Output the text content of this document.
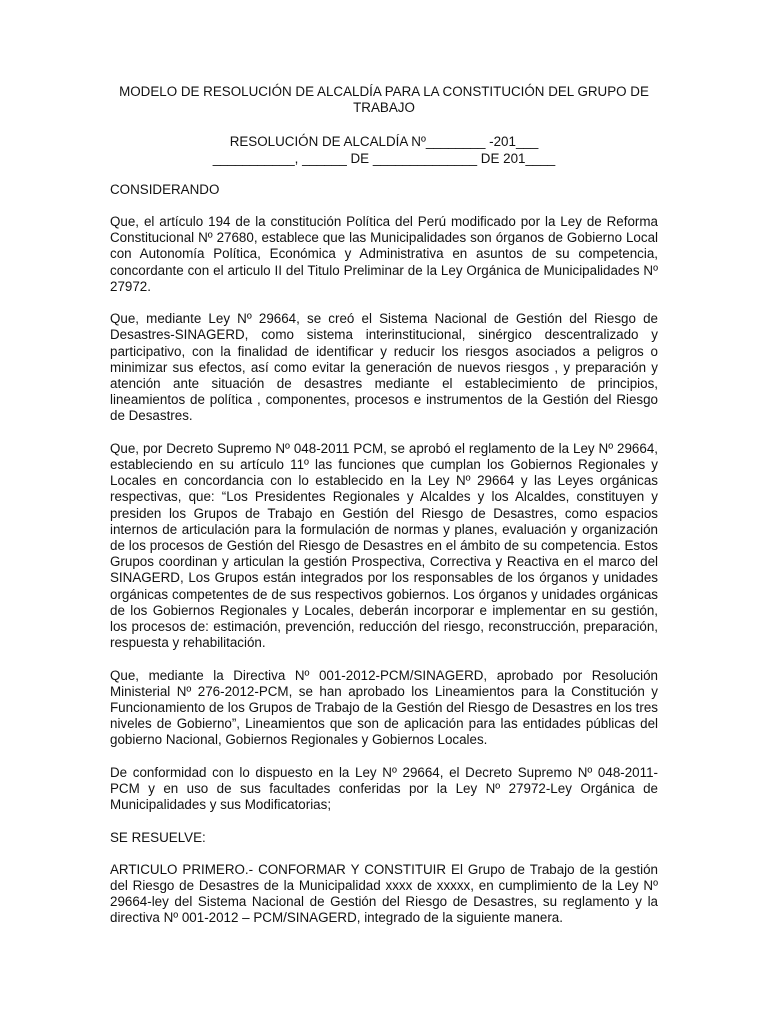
MODELO DE RESOLUCIÓN DE ALCALDÍA PARA LA CONSTITUCIÓN DEL GRUPO DE TRABAJO
RESOLUCIÓN DE ALCALDÍA Nº________ -201___
___________, ______ DE ______________ DE 201____
CONSIDERANDO

Que, el artículo 194 de la constitución Política del Perú modificado por la Ley de Reforma Constitucional Nº 27680, establece que las Municipalidades son órganos de Gobierno Local con Autonomía Política, Económica y Administrativa en asuntos de su competencia, concordante con el articulo II del Titulo Preliminar de la Ley Orgánica de Municipalidades Nº 27972.

Que, mediante Ley Nº 29664, se creó el Sistema Nacional de Gestión del Riesgo de Desastres-SINAGERD, como sistema interinstitucional, sinérgico descentralizado y participativo, con la finalidad de identificar y reducir los riesgos asociados a peligros o minimizar sus efectos, así como evitar la generación de nuevos riesgos , y preparación y atención ante situación de desastres mediante el establecimiento de principios, lineamientos de política , componentes, procesos e instrumentos de la Gestión del Riesgo de Desastres.

Que, por Decreto Supremo Nº 048-2011 PCM, se aprobó el reglamento de la Ley Nº 29664, estableciendo en su artículo 11º las funciones que cumplan los Gobiernos Regionales y Locales en concordancia con lo establecido en la Ley Nº 29664 y las Leyes orgánicas respectivas, que: “Los Presidentes Regionales y Alcaldes y los Alcaldes, constituyen y presiden los Grupos de Trabajo en Gestión del Riesgo de Desastres, como espacios internos de articulación para la formulación de normas y planes, evaluación y organización de los procesos de Gestión del Riesgo de Desastres en el ámbito de su competencia. Estos Grupos coordinan y articulan la gestión Prospectiva, Correctiva y Reactiva en el marco del SINAGERD, Los Grupos están integrados por los responsables de los órganos y unidades orgánicas competentes de de sus respectivos gobiernos. Los órganos y unidades orgánicas de los Gobiernos Regionales y Locales, deberán incorporar e implementar en su gestión, los procesos de: estimación, prevención, reducción del riesgo, reconstrucción, preparación, respuesta y rehabilitación.

Que, mediante la Directiva Nº 001-2012-PCM/SINAGERD, aprobado por Resolución Ministerial Nº 276-2012-PCM, se han aprobado los Lineamientos para la Constitución y Funcionamiento de los Grupos de Trabajo de la Gestión del Riesgo de Desastres en los tres niveles de Gobierno”, Lineamientos que son de aplicación para las entidades públicas del gobierno Nacional, Gobiernos Regionales y Gobiernos Locales.

De conformidad con lo dispuesto en la Ley Nº 29664, el Decreto Supremo Nº 048-2011-PCM y en uso de sus facultades conferidas por la Ley Nº 27972-Ley Orgánica de Municipalidades y sus Modificatorias;

SE RESUELVE:

ARTICULO PRIMERO.- CONFORMAR Y CONSTITUIR El Grupo de Trabajo de la gestión del Riesgo de Desastres de la Municipalidad xxxx de xxxxx, en cumplimiento de la Ley Nº 29664-ley del Sistema Nacional de Gestión del Riesgo de Desastres, su reglamento y la directiva Nº 001-2012 – PCM/SINAGERD, integrado de la siguiente manera.
